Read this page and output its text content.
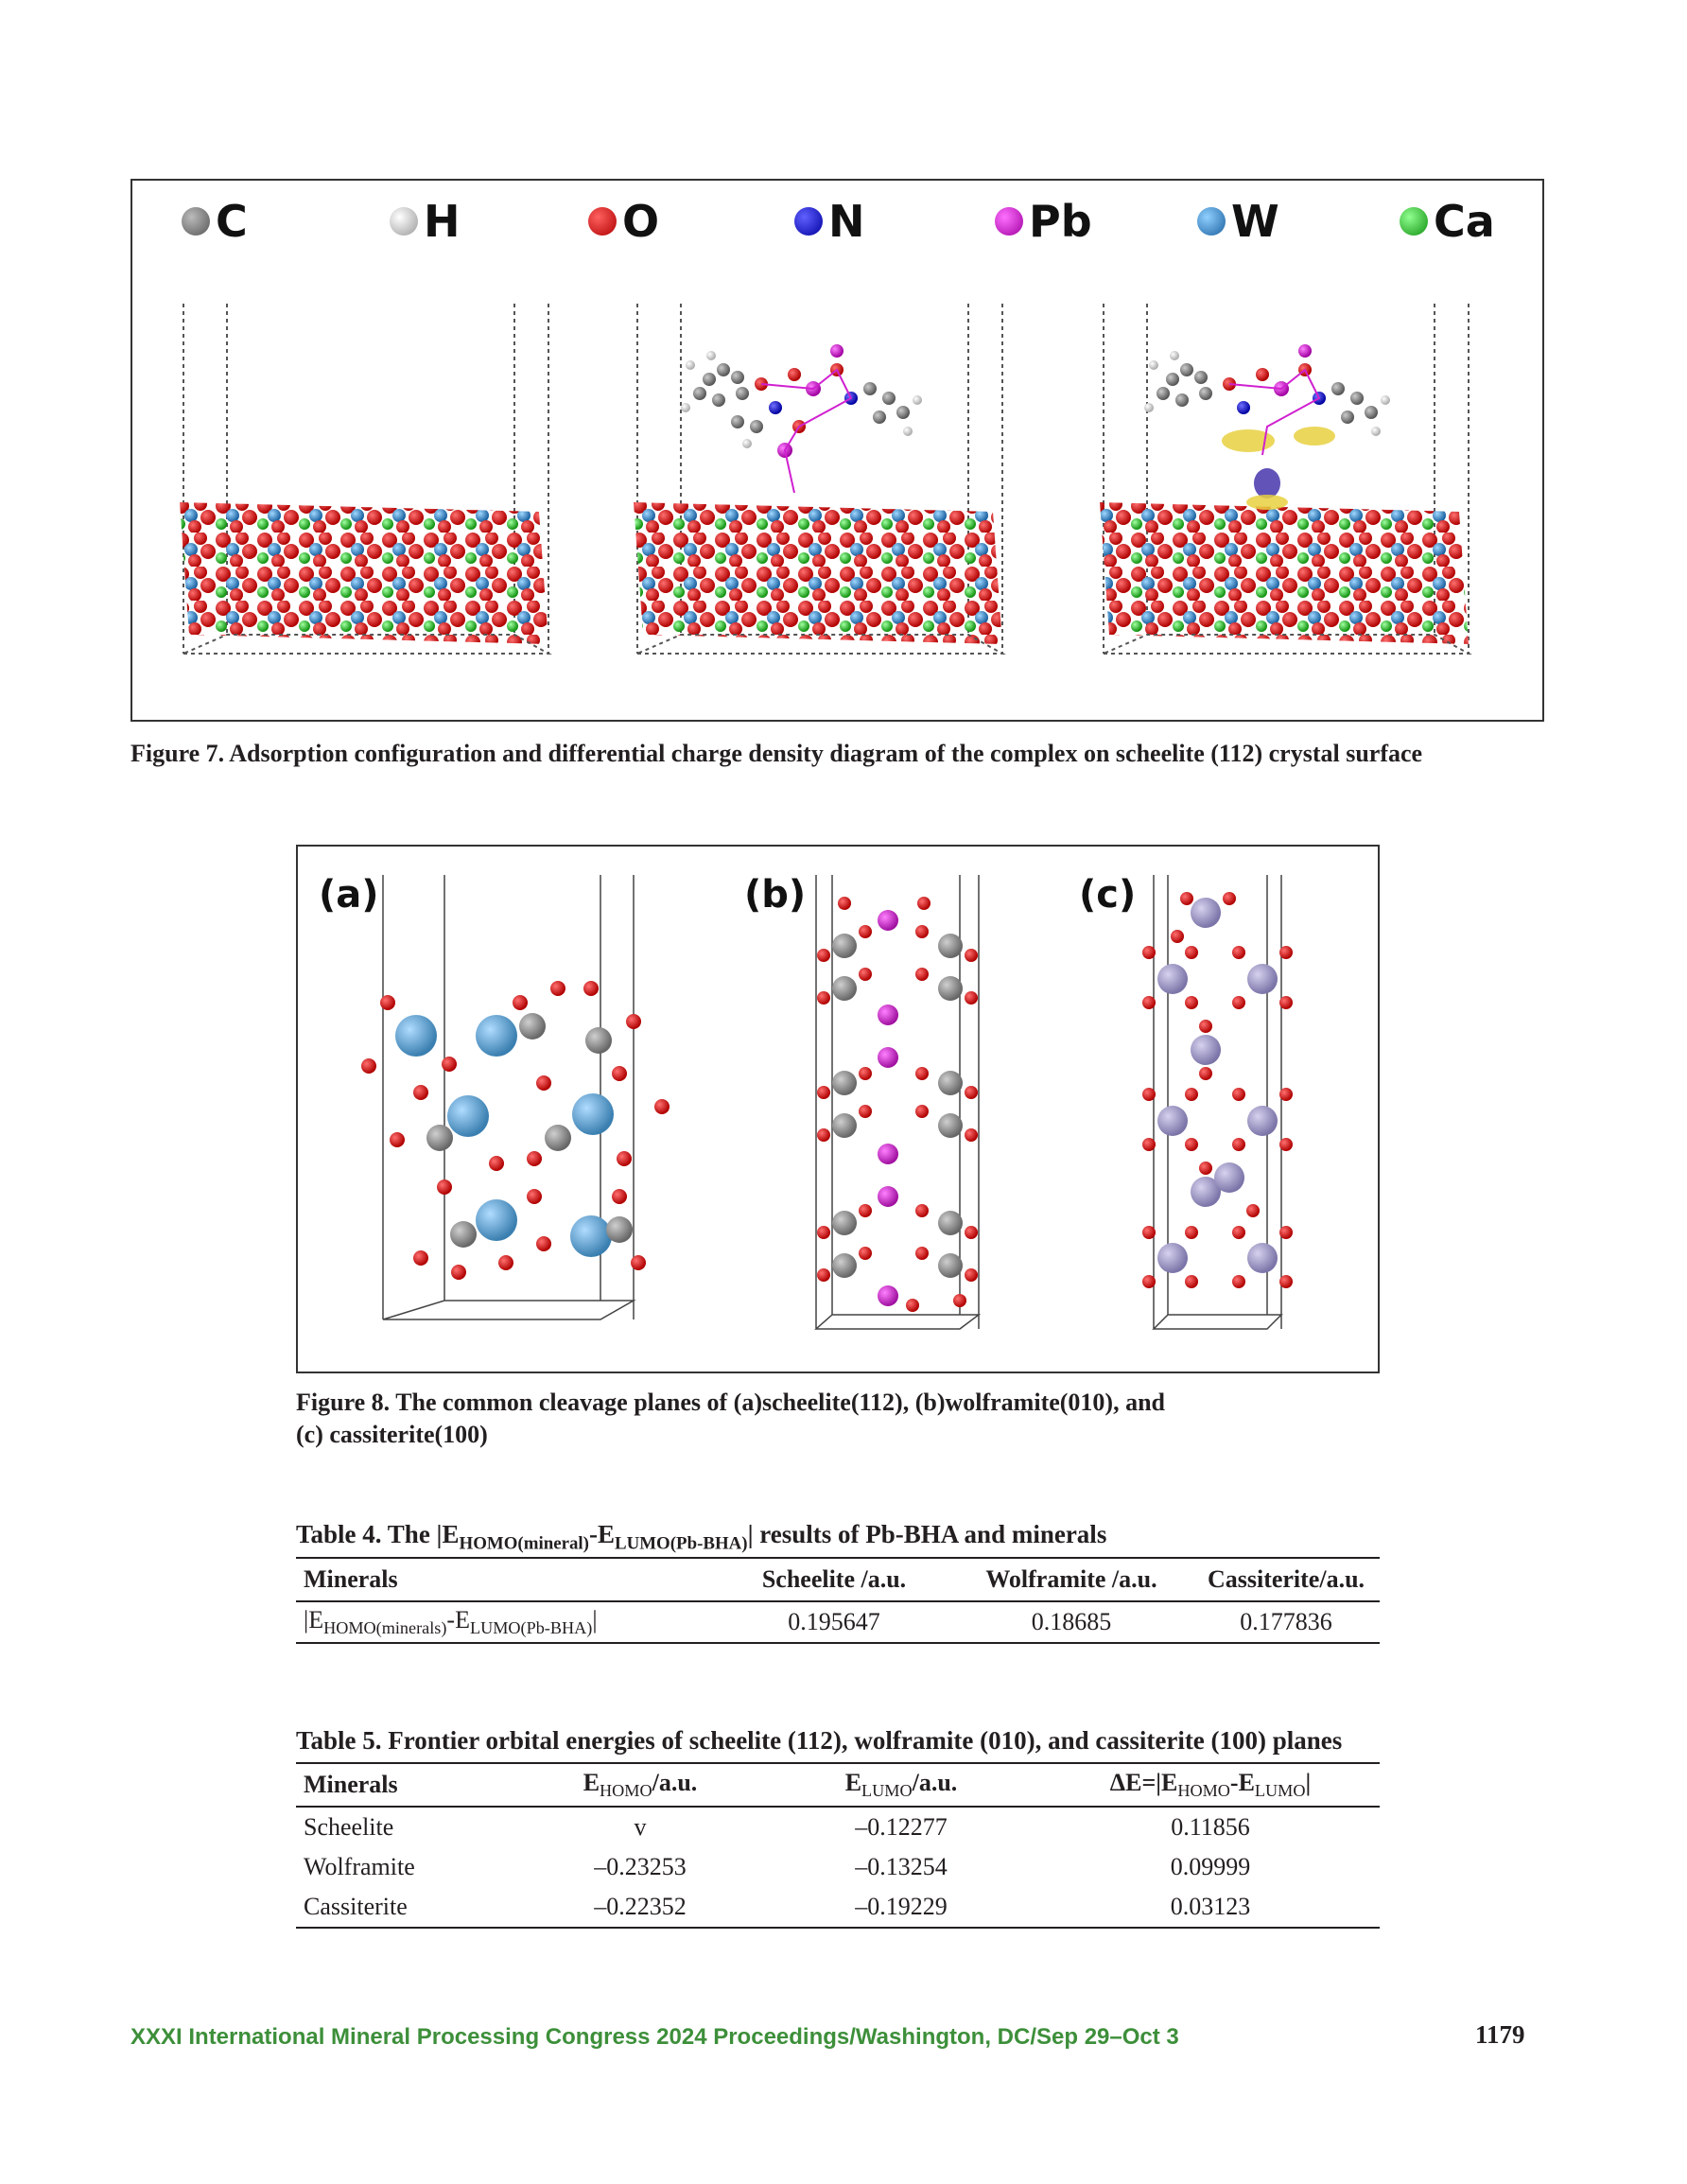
C	H	O	N	Pb	W	Ca
Figure 7. Adsorption configuration and differential charge density diagram of the complex on scheelite (112) crystal surface
(a)	(b)	(c)
Figure 8. The common cleavage planes of (a)scheelite(112), (b)wolframite(010), and
(c) cassiterite(100)
Table 4. The $|E_{HOMO(mineral)}-E_{LUMO(Pb-BHA)}|$ results of Pb-BHA and minerals
Minerals	Scheelite /a.u.	Wolframite /a.u.	Cassiterite/a.u.
$|E_{HOMO(minerals)}-E_{LUMO(Pb-BHA)}|$	0.195647	0.18685	0.177836
Table 5. Frontier orbital energies of scheelite (112), wolframite (010), and cassiterite (100) planes
Minerals	$E_{HOMO}/a.u$.	$E_{LUMO}/a.u$.	$\Delta E=|E_{HOMO}-E_{LUMO}|$
Scheelite	v	–0.12277	0.11856
Wolframite	–0.23253	–0.13254	0.09999
Cassiterite	–0.22352	–0.19229	0.03123
XXXI International Mineral Processing Congress 2024 Proceedings/Washington, DC/Sep 29–Oct 3	1179
